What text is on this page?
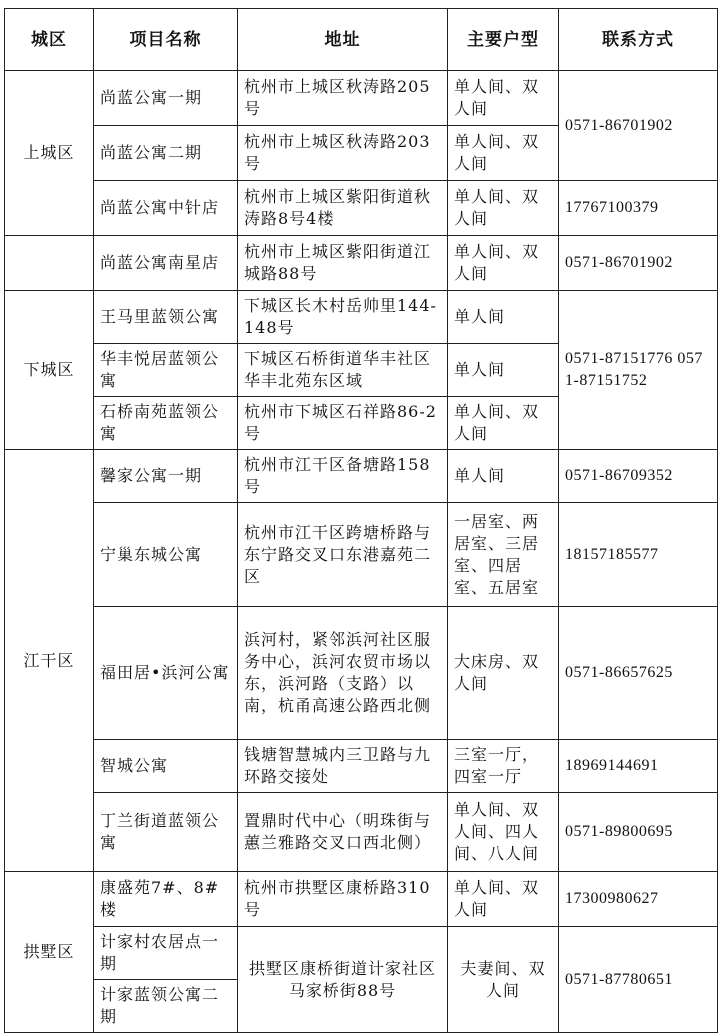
城区	项目名称	地址	主要户型	联系方式
上城区	尚蓝公寓一期	杭州市上城区秋涛路205号	单人间、双人间	0571-86701902
	尚蓝公寓二期	杭州市上城区秋涛路203号	单人间、双人间	
	尚蓝公寓中针店	杭州市上城区紫阳街道秋涛路8号4楼	单人间、双人间	17767100379
	尚蓝公寓南星店	杭州市上城区紫阳街道江城路88号	单人间、双人间	0571-86701902
下城区	王马里蓝领公寓	下城区长木村岳帅里144-148号	单人间	0571-87151776 0571-87151752
	华丰悦居蓝领公寓	下城区石桥街道华丰社区华丰北苑东区域	单人间	
	石桥南苑蓝领公寓	杭州市下城区石祥路86-2号	单人间、双人间	
江干区	馨家公寓一期	杭州市江干区备塘路158号	单人间	0571-86709352
	宁巢东城公寓	杭州市江干区跨塘桥路与东宁路交叉口东港嘉苑二区	一居室、两居室、三居室、四居室、五居室	18157185577
	福田居•浜河公寓	浜河村，紧邻浜河社区服务中心，浜河农贸市场以东，浜河路（支路）以南，杭甬高速公路西北侧	大床房、双人间	0571-86657625
	智城公寓	钱塘智慧城内三卫路与九环路交接处	三室一厅，四室一厅	18969144691
	丁兰街道蓝领公寓	置鼎时代中心（明珠街与蕙兰雅路交叉口西北侧）	单人间、双人间、四人间、八人间	0571-89800695
拱墅区	康盛苑7#、8#楼	杭州市拱墅区康桥路310号	单人间、双人间	17300980627
	计家村农居点一期	拱墅区康桥街道计家社区马家桥街88号	夫妻间、双人间	0571-87780651
	计家蓝领公寓二期			
